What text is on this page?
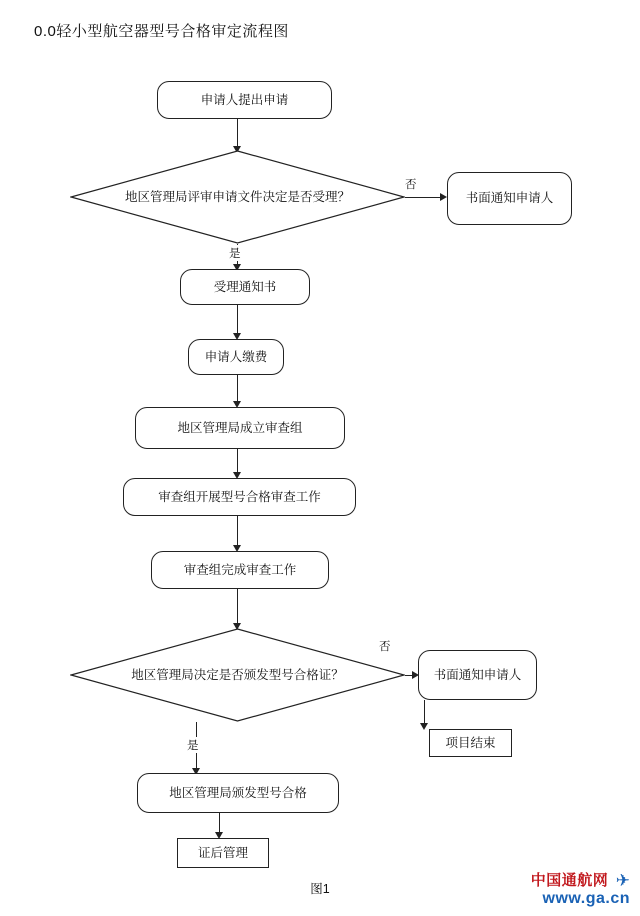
0.0轻小型航空器型号合格审定流程图
申请人提出申请
地区管理局评审申请文件决定是否受理？
否
书面通知申请人
是
受理通知书
申请人缴费
地区管理局成立审查组
审查组开展型号合格审查工作
审查组完成审查工作
地区管理局决定是否颁发型号合格证？
否
书面通知申请人
项目结束
是
地区管理局颁发型号合格
证后管理
图1	中国通航网 ✈
www.ga.cn
